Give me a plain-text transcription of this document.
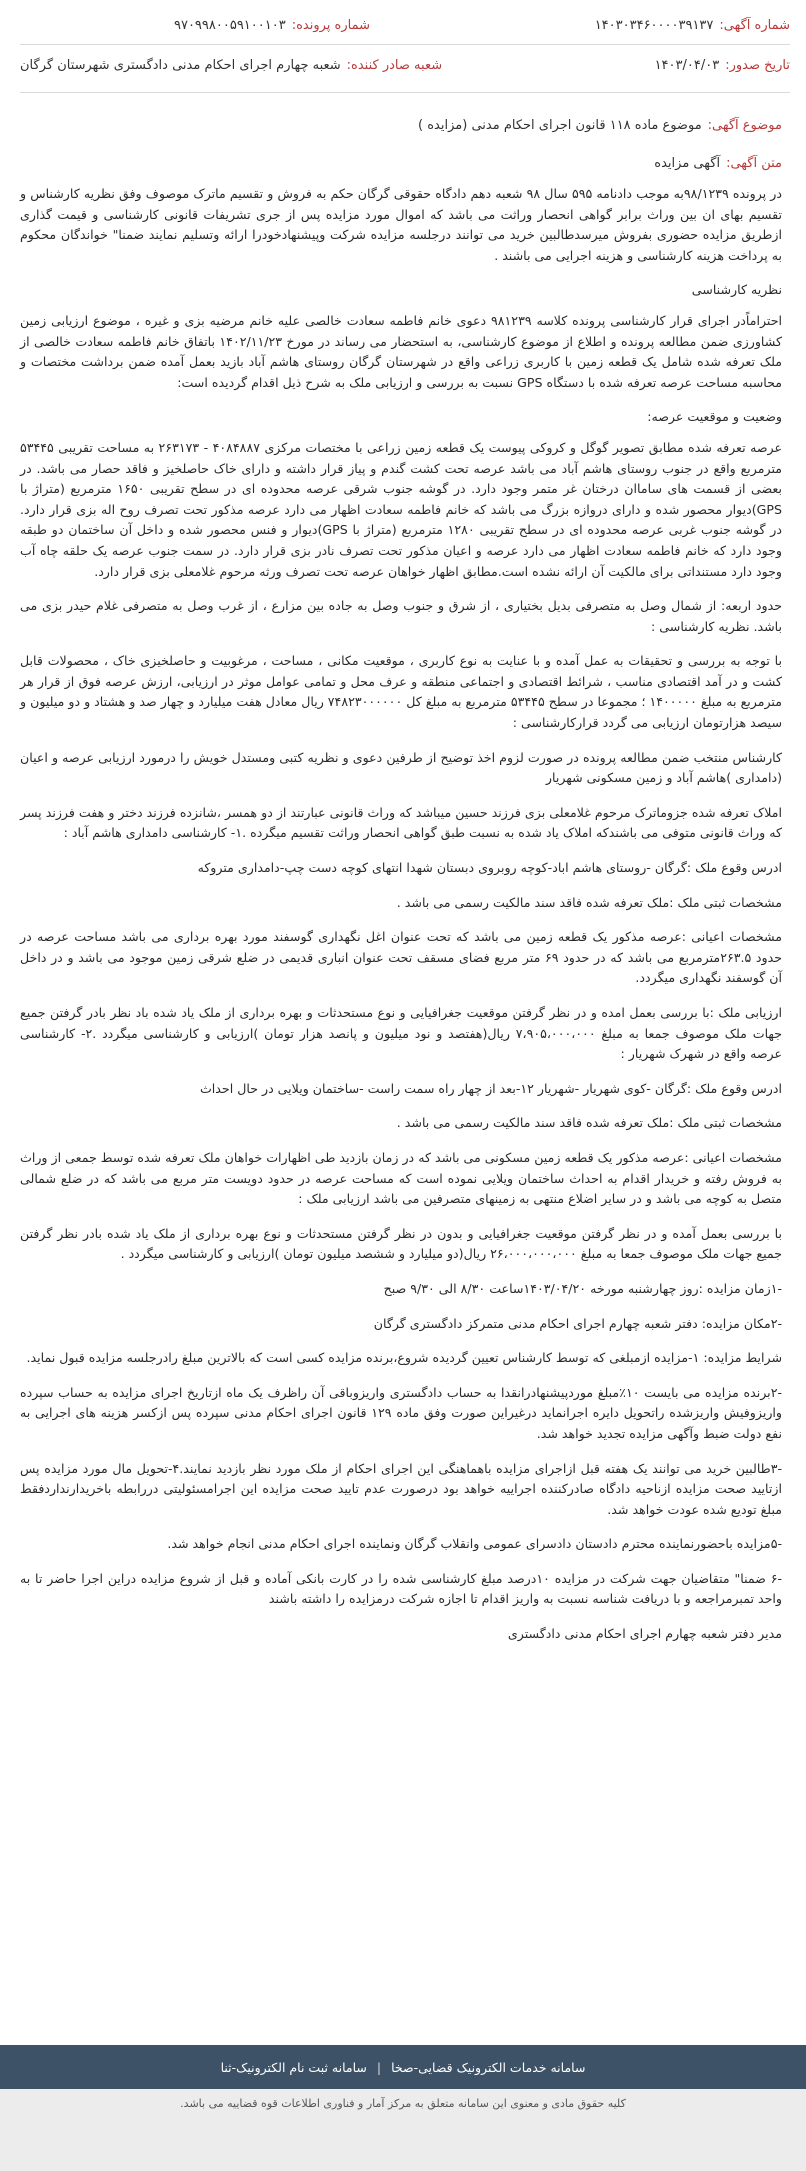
شماره آگهی:
۱۴۰۳۰۳۴۶۰۰۰۰۳۹۱۳۷
شماره پرونده:
۹۷۰۹۹۸۰۰۵۹۱۰۰۱۰۳
تاریخ صدور:
۱۴۰۳/۰۴/۰۳
شعبه صادر کننده:
شعبه چهارم اجرای احکام مدنی دادگستری شهرستان گرگان
موضوع آگهی:
موضوع ماده ۱۱۸ قانون اجرای احکام مدنی (مزایده )
متن آگهی:
آگهی مزایده

در پرونده ۹۸/۱۲۳۹به موجب دادنامه ۵۹۵ سال ۹۸ شعبه دهم دادگاه حقوقی گرگان حکم به فروش و تقسیم ماترک موصوف وفق نظریه کارشناس و تقسیم بهای ان بین وراث برابر گواهی انحصار وراثت می باشد که اموال مورد مزایده پس از جری تشریفات قانونی کارشناسی و قیمت گذاری ازطریق مزایده حضوری بفروش میرسدطالبین خرید می توانند درجلسه مزایده شرکت وپیشنهادخودرا ارائه وتسلیم نمایند ضمنا" خواندگان محکوم به پرداخت هزینه کارشناسی و هزینه اجرایی می باشند .

نظریه کارشناسی

احتراماًدر اجرای قرار کارشناسی پرونده کلاسه ۹۸۱۲۳۹ دعوی خانم فاطمه سعادت خالصی علیه خانم مرضیه بزی و غیره ، موضوع ارزیابی زمین کشاورزی ضمن مطالعه پرونده و اطلاع از موضوع کارشناسی، به استحضار می رساند در مورخ ۱۴۰۲/۱۱/۲۳ باتفاق خانم فاطمه سعادت خالصی از ملک تعرفه شده شامل یک قطعه زمین با کاربری زراعی واقع در شهرستان گرگان روستای هاشم آباد بازید بعمل آمده ضمن برداشت مختصات و محاسبه مساحت عرصه تعرفه شده با دستگاه GPS نسبت به بررسی و ارزیابی ملک به شرح ذیل اقدام گردیده است:

وضعیت و موقعیت عرصه:

عرصه تعرفه شده مطابق تصویر گوگل و کروکی پیوست یک قطعه زمین زراعی با مختصات مرکزی ۴۰۸۴۸۸۷ - ۲۶۳۱۷۳ به مساحت تقریبی ۵۳۴۴۵ مترمربع واقع در جنوب روستای هاشم آباد می باشد عرصه تحت کشت گندم و پیاز قرار داشته و دارای خاک حاصلخیز و فاقد حصار می باشد. در بعضی از قسمت های ساماان درختان غر متمر وجود دارد. در گوشه جنوب شرقی عرصه محدوده ای در سطح تقریبی ۱۶۵۰ مترمربع (متراژ با GPS)دیوار محصور شده و دارای دروازه بزرگ می باشد که خانم فاطمه سعادت اظهار می دارد عرصه مذکور تحت تصرف روح اله بزی قرار دارد. در گوشه جنوب غربی عرصه محدوده ای در سطح تقریبی ۱۲۸۰ مترمربع (متراژ با GPS)دیوار و فنس محصور شده و داخل آن ساختمان دو طبقه وجود دارد که خانم فاطمه سعادت اظهار می دارد عرصه و اعیان مذکور تحت تصرف نادر بزی قرار دارد. در سمت جنوب عرصه یک حلقه چاه آب وجود دارد مستنداتی برای مالکیت آن ارائه نشده است.مطابق اظهار خواهان عرصه تحت تصرف ورثه مرحوم غلامعلی بزی قرار دارد.

حدود اربعه: از شمال وصل به متصرفی بدیل بختیاری ، از شرق و جنوب وصل به جاده بین مزارع ، از غرب وصل به متصرفی غلام حیدر بزی می باشد. نظریه کارشناسی :

با توجه به بررسی و تحقیقات به عمل آمده و با عنایت به نوع کاربری ، موقعیت مکانی ، مساحت ، مرغوبیت و حاصلخیزی خاک ، محصولات قابل کشت و در آمد اقتصادی مناسب ، شرائط اقتصادی و اجتماعی منطقه و عرف محل و تمامی عوامل موثر در ارزیابی، ارزش عرصه فوق از قرار هر مترمربع به مبلغ ۱۴۰۰۰۰۰ ؛ مجموعا در سطح ۵۳۴۴۵ مترمربع به مبلغ کل ۷۴۸۲۳۰۰۰۰۰۰ ریال معادل هفت میلیارد و چهار صد و هشتاد و دو میلیون و سیصد هزارتومان ارزیابی می گردد قرارکارشناسی :

کارشناس منتخب ضمن مطالعه پرونده در صورت لزوم اخذ توضیح از طرفین دعوی و نظریه کتبی ومستدل خویش را درمورد ارزیابی عرصه و اعیان (دامداری )هاشم آباد و زمین مسکونی شهریار

املاک تعرفه شده جزوماترک مرحوم غلامعلی بزی فرزند حسین میباشد که وراث قانونی عبارتند از دو همسر ،شانزده فرزند دختر و هفت فرزند پسر که وراث قانونی متوفی می باشندکه املاک یاد شده به نسبت طبق گواهی انحصار وراثت تقسیم میگرده .۱- کارشناسی دامداری هاشم آباد :

ادرس وقوع ملک :گرگان -روستای هاشم اباد-کوچه روبروی دبستان شهدا انتهای کوچه دست چپ-دامداری متروکه

مشخصات ثبتی ملک :ملک تعرفه شده فاقد سند مالکیت رسمی می باشد .

مشخصات اعیانی :عرصه مذکور یک قطعه زمین می باشد که تحت عنوان اغل نگهداری گوسفند مورد بهره برداری می باشد مساحت عرصه در حدود ۲۶۳.۵مترمربع می باشد که در حدود ۶۹ متر مربع فضای مسقف تحت عنوان انباری قدیمی در ضلع شرقی زمین موجود می باشد و در داخل آن گوسفند نگهداری میگردد.

ارزیابی ملک :با بررسی بعمل امده و در نظر گرفتن موقعیت جغرافیایی و نوع مستحدثات و بهره برداری از ملک یاد شده باد نظر بادر گرفتن جمیع جهات ملک موصوف جمعا به مبلغ ۷،۹۰۵،۰۰۰،۰۰۰ ریال(هفتصد و نود میلیون و پانصد هزار تومان )ارزیابی و کارشناسی میگردد .۲- کارشناسی عرصه واقع در شهرک شهریار :

ادرس وقوع ملک :گرگان -کوی شهریار -شهریار ۱۲-بعد از چهار راه سمت راست -ساختمان ویلایی در حال احداث

مشخصات ثبتی ملک :ملک تعرفه شده فاقد سند مالکیت رسمی می باشد .

مشخصات اعیانی :عرصه مذکور یک قطعه زمین مسکونی می باشد که در زمان بازدید طی اظهارات خواهان ملک تعرفه شده توسط جمعی از وراث به فروش رفته و خریدار اقدام به احداث ساختمان ویلایی نموده است که مساحت عرصه در حدود دویست متر مربع می باشد که در ضلع شمالی متصل به کوچه می باشد و در سایر اضلاع منتهی به زمینهای متصرفین می باشد ارزیابی ملک :

با بررسی بعمل آمده و در نظر گرفتن موقعیت جغرافیایی و بدون در نظر گرفتن مستحدثات و نوع بهره برداری از ملک یاد شده بادر نظر گرفتن جمیع جهات ملک موصوف جمعا به مبلغ ۲۶،۰۰۰،۰۰۰،۰۰۰ ریال(دو میلیارد و ششصد میلیون تومان )ارزیابی و کارشناسی میگردد .

-۱زمان مزایده :روز چهارشنبه مورخه ۱۴۰۳/۰۴/۲۰ساعت ۸/۳۰ الی ۹/۳۰ صبح

-۲مکان مزایده: دفتر شعبه چهارم اجرای احکام مدنی متمرکز دادگستری گرگان

شرایط مزایده: ۱-مزایده ازمبلغی که توسط کارشناس تعیین گردیده شروع،برنده مزایده کسی است که بالاترین مبلغ رادرجلسه مزایده قبول نماید.

-۲برنده مزایده می بایست ۱۰٪مبلغ موردپیشنهادرانقدا به حساب دادگستری واریزوباقی آن راظرف یک ماه ازتاریخ اجرای مزایده به حساب سپرده واریزوفیش واریزشده راتحویل دایره اجرانماید درغیراین صورت وفق ماده ۱۲۹ قانون اجرای احکام مدنی سپرده پس ازکسر هزینه های اجرایی به نفع دولت ضبط وآگهی مزایده تجدید خواهد شد.

-۳طالبین خرید می توانند یک هفته قبل ازاجرای مزایده باهماهنگی این اجرای احکام از ملک مورد نظر بازدید نمایند.۴-تحویل مال مورد مزایده پس ازتایید صحت مزایده ازناحیه دادگاه صادرکننده اجراییه خواهد بود درصورت عدم تایید صحت مزایده این اجرامسئولیتی دررابطه باخریدارنداردفقط مبلغ تودیع شده عودت خواهد شد.

-۵مزایده باحضورنماینده محترم دادستان دادسرای عمومی وانقلاب گرگان ونماینده اجرای احکام مدنی انجام خواهد شد.

-۶ ضمنا" متقاضیان جهت شرکت در مزایده ۱۰درصد مبلغ کارشناسی شده را در کارت بانکی آماده و قبل از شروع مزایده دراین اجرا حاضر تا به واحد تمبرمراجعه و با دریافت شناسه نسبت به واریز اقدام تا اجازه شرکت درمزایده را داشته باشند

مدیر دفتر شعبه چهارم اجرای احکام مدنی دادگستری

سامانه خدمات الکترونیک قضایی-صخا
|
سامانه ثبت نام الکترونیک-ثنا
کلیه حقوق مادی و معنوی این سامانه متعلق به مرکز آمار و فناوری اطلاعات قوه قضاییه می باشد.
